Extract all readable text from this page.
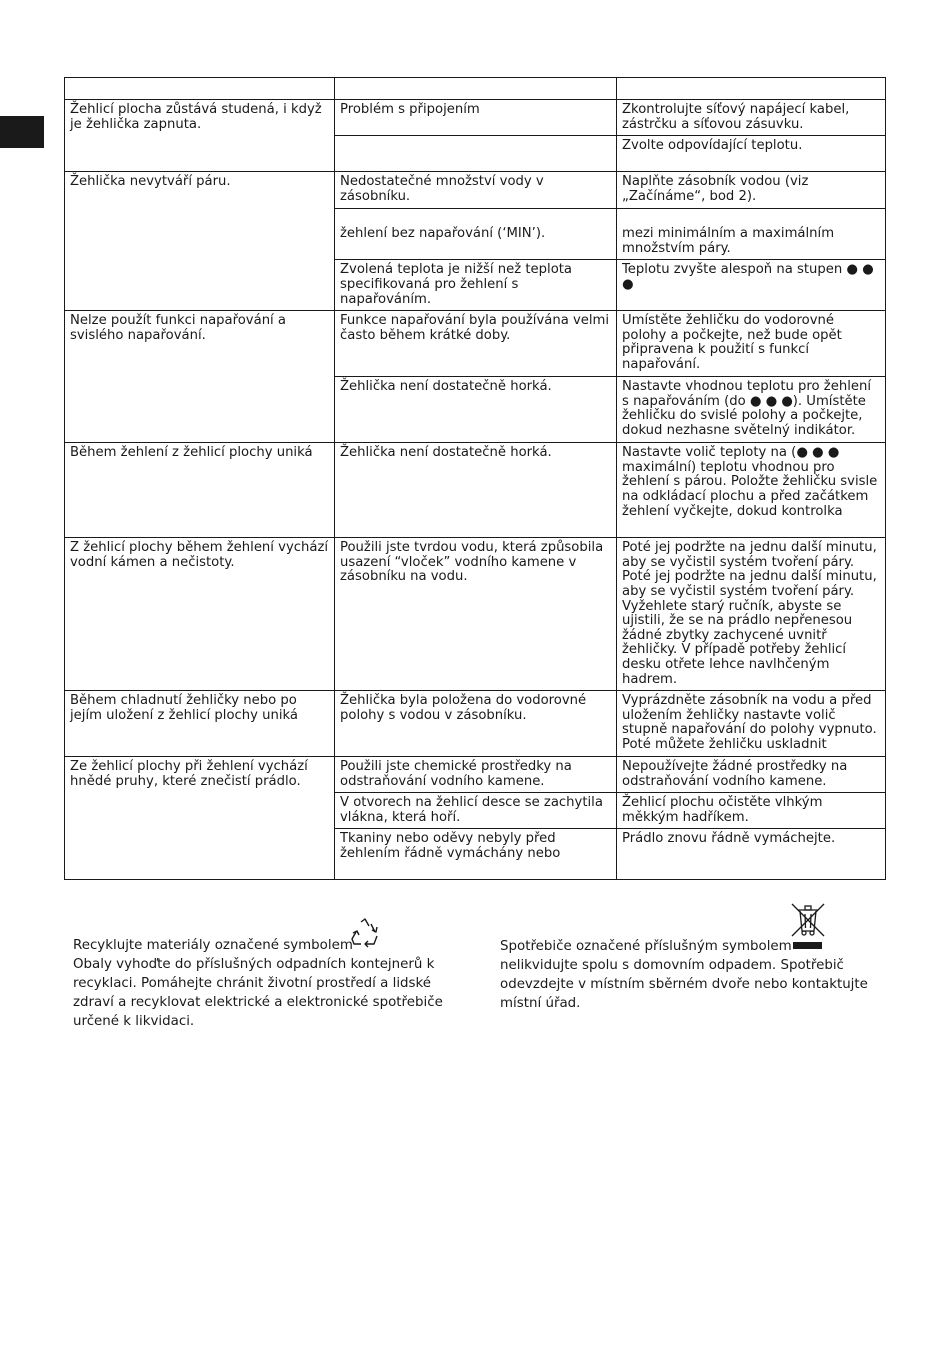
Žehlicí plocha zůstává studená, i když je žehlička zapnuta.	Problém s připojením	Zkontrolujte síťový napájecí kabel, zástrčku a síťovou zásuvku.
		Zvolte odpovídající teplotu.
Žehlička nevytváří páru.	Nedostatečné množství vody v zásobníku.	Naplňte zásobník vodou (viz „Začínáme“, bod 2).
	žehlení bez napařování (‘MIN’).	mezi minimálním a maximálním množstvím páry.
	Zvolená teplota je nižší než teplota specifikovaná pro žehlení s napařováním.	Teplotu zvyšte alespoň na stupen ● ● ●
Nelze použít funkci napařování a svislého napařování.	Funkce napařování byla používána velmi často během krátké doby.	Umístěte žehličku do vodorovné polohy a počkejte, než bude opět připravena k použití s funkcí napařování.
	Žehlička není dostatečně horká.	Nastavte vhodnou teplotu pro žehlení s napařováním (do ● ● ●). Umístěte žehličku do svislé polohy a počkejte, dokud nezhasne světelný indikátor.
Během žehlení z žehlicí plochy uniká	Žehlička není dostatečně horká.	Nastavte volič teploty na (● ● ● maximální) teplotu vhodnou pro žehlení s párou. Položte žehličku svisle na odkládací plochu a před začátkem žehlení vyčkejte, dokud kontrolka
Z žehlicí plochy během žehlení vychází vodní kámen a nečistoty.	Použili jste tvrdou vodu, která způsobila usazení “vloček” vodního kamene v zásobníku na vodu.	Poté jej podržte na jednu další minutu, aby se vyčistil systém tvoření páry. Poté jej podržte na jednu další minutu, aby se vyčistil systém tvoření páry. Vyžehlete starý ručník, abyste se ujistili, že se na prádlo nepřenesou žádné zbytky zachycené uvnitř žehličky. V případě potřeby žehlicí desku otřete lehce navlhčeným hadrem.
Během chladnutí žehličky nebo po jejím uložení z žehlicí plochy uniká	Žehlička byla položena do vodorovné polohy s vodou v zásobníku.	Vyprázdněte zásobník na vodu a před uložením žehličky nastavte volič stupně napařování do polohy vypnuto. Poté můžete žehličku uskladnit
Ze žehlicí plochy při žehlení vychází hnědé pruhy, které znečistí prádlo.	Použili jste chemické prostředky na odstraňování vodního kamene.	Nepoužívejte žádné prostředky na odstraňování vodního kamene.
	V otvorech na žehlicí desce se zachytila vlákna, která hoří.	Žehlicí plochu očistěte vlhkým měkkým hadříkem.
	Tkaniny nebo oděvy nebyly před žehlením řádně vymáchány nebo	Prádlo znovu řádně vymáchejte.
Recyklujte materiály označené symbolem
Obaly vyhoďte do příslušných odpadních kontejnerů k recyklaci. Pomáhejte chránit životní prostředí a lidské zdraví a recyklovat elektrické a elektronické spotřebiče určené k likvidaci.
Spotřebiče označené příslušným symbolem
nelikvidujte spolu s domovním odpadem. Spotřebič odevzdejte v místním sběrném dvoře nebo kontaktujte místní úřad.
